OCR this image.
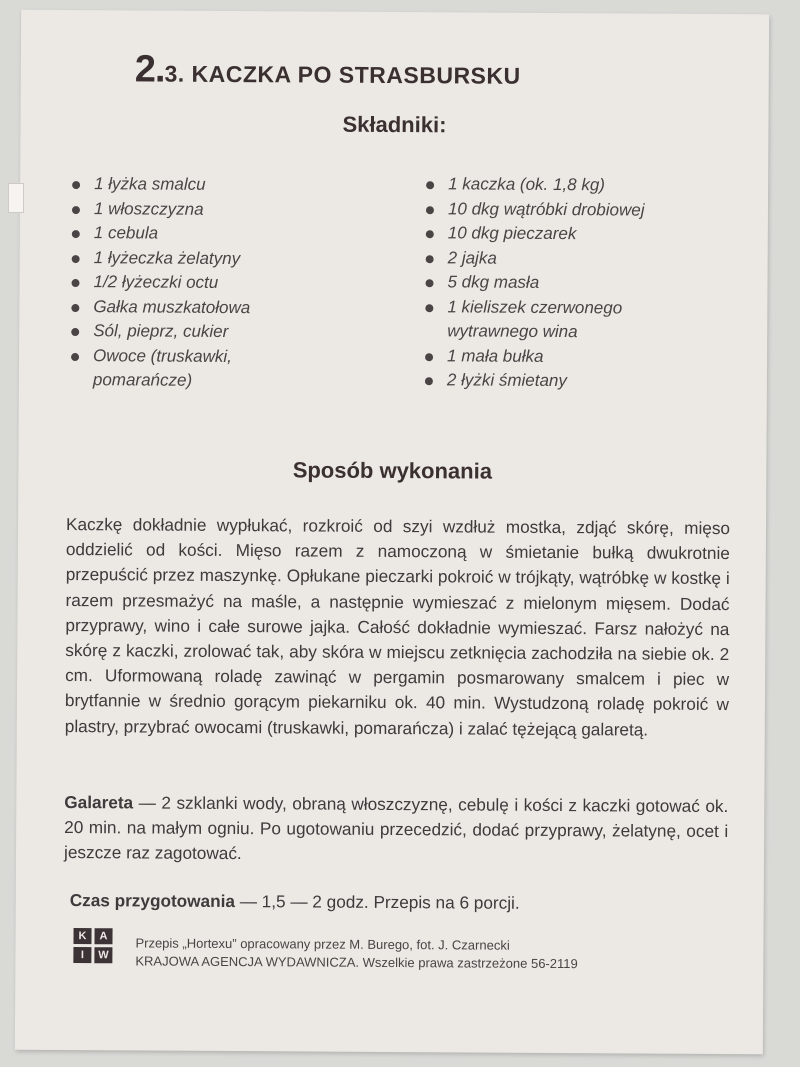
2.3. KACZKA PO STRASBURSKU
Składniki:
1 łyżka smalcu
1 włoszczyzna
1 cebula
1 łyżeczka żelatyny
1/2 łyżeczki octu
Gałka muszkatołowa
Sól, pieprz, cukier
Owoce (truskawki, pomarańcze)
1 kaczka (ok. 1,8 kg)
10 dkg wątróbki drobiowej
10 dkg pieczarek
2 jajka
5 dkg masła
1 kieliszek czerwonego wytrawnego wina
1 mała bułka
2 łyżki śmietany
Sposób wykonania

Kaczkę dokładnie wypłukać, rozkroić od szyi wzdłuż mostka, zdjąć skórę, mięso oddzielić od kości. Mięso razem z namoczoną w śmietanie bułką dwukrotnie przepuścić przez maszynkę. Opłukane pieczarki pokroić w trójkąty, wątróbkę w kostkę i razem przesmażyć na maśle, a następnie wymieszać z mielonym mięsem. Dodać przyprawy, wino i całe surowe jajka. Całość dokładnie wymieszać. Farsz nałożyć na skórę z kaczki, zrolować tak, aby skóra w miejscu zetknięcia zachodziła na siebie ok. 2 cm. Uformowaną roladę zawinąć w pergamin posmarowany smalcem i piec w brytfannie w średnio gorącym piekarniku ok. 40 min. Wystudzoną roladę pokroić w plastry, przybrać owocami (truskawki, pomarańcza) i zalać tężejącą galaretą.

Galareta — 2 szklanki wody, obraną włoszczyznę, cebulę i kości z kaczki gotować ok. 20 min. na małym ogniu. Po ugotowaniu przecedzić, dodać przyprawy, żelatynę, ocet i jeszcze raz zagotować.

Czas przygotowania — 1,5 — 2 godz. Przepis na 6 porcji.

K	A
I	W
Przepis „Hortexu” opracowany przez M. Burego, fot. J. Czarnecki
KRAJOWA AGENCJA WYDAWNICZA. Wszelkie prawa zastrzeżone 56-2119
